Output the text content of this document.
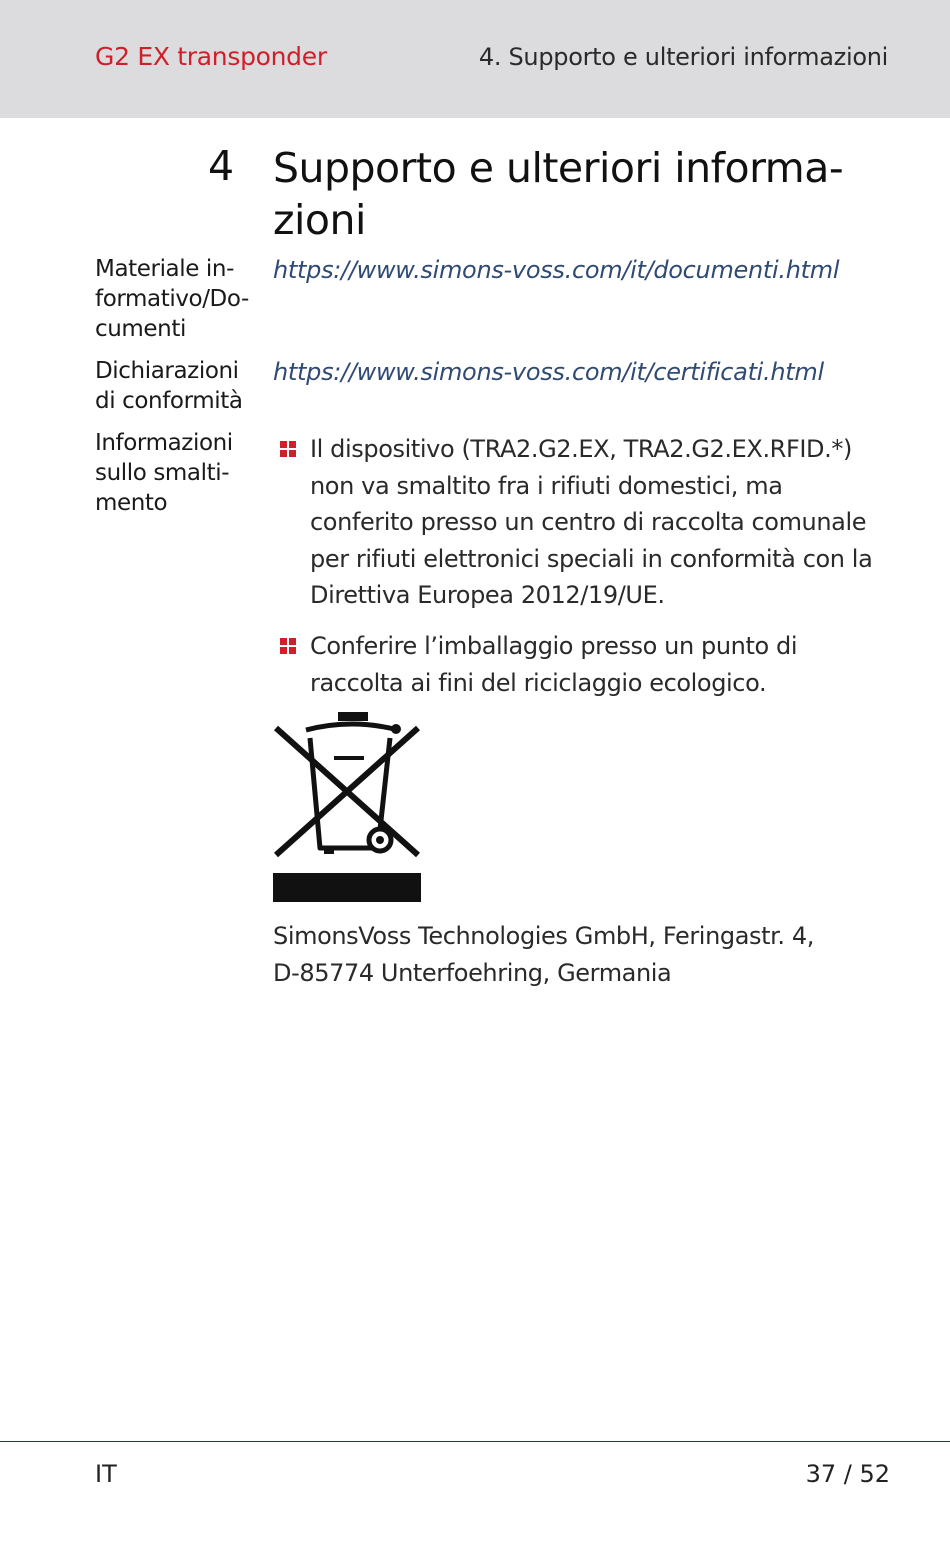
G2 EX transponder	4. Supporto e ulteriori informazioni
4 Supporto e ulteriori informa-
zioni
Materiale in-
formativo/Do-
cumenti
https://www.simons-voss.com/it/documenti.html
Dichiarazioni
di conformità
https://www.simons-voss.com/it/certificati.html
Informazioni
sullo smalti-
mento
Il dispositivo (TRA2.G2.EX, TRA2.G2.EX.RFID.*)
non va smaltito fra i rifiuti domestici, ma
conferito presso un centro di raccolta comunale
per rifiuti elettronici speciali in conformità con la
Direttiva Europea 2012/19/UE.
Conferire l’imballaggio presso un punto di
raccolta ai fini del riciclaggio ecologico.
SimonsVoss Technologies GmbH, Feringastr. 4,
D-85774 Unterfoehring, Germania
IT	37 / 52
